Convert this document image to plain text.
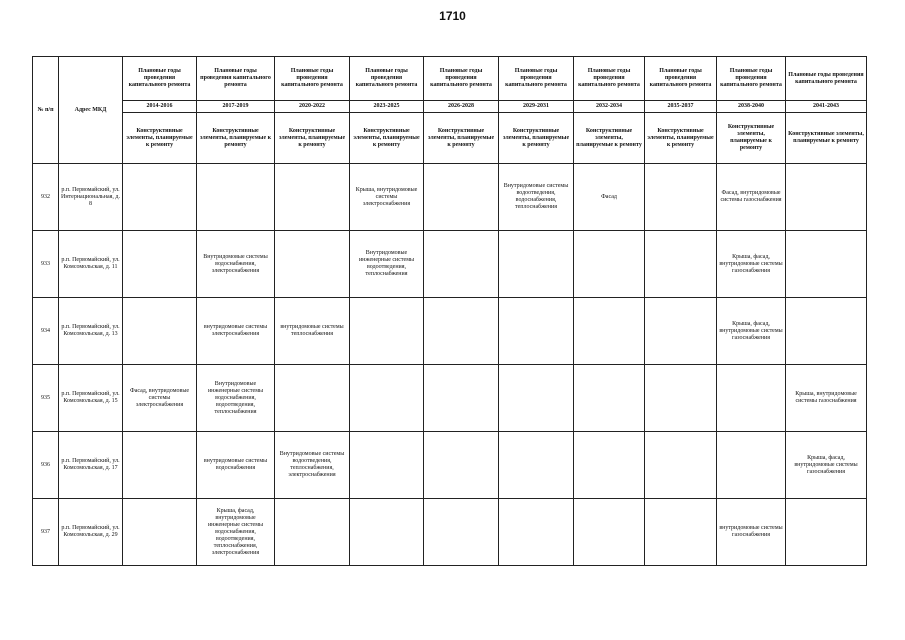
1710
№ п/п	Адрес МКД	Плановые годы проведения капитального ремонта	Плановые годы проведения капитального ремонта	Плановые годы проведения капитального ремонта	Плановые годы проведения капитального ремонта	Плановые годы проведения капитального ремонта	Плановые годы проведения капитального ремонта	Плановые годы проведения капитального ремонта	Плановые годы проведения капитального ремонта	Плановые годы проведения капитального ремонта	Плановые годы проведения капитального ремонта
		2014-2016	2017-2019	2020-2022	2023-2025	2026-2028	2029-2031	2032-2034	2035-2037	2038-2040	2041-2043
		Конструктивные элементы, планируемые к ремонту	Конструктивные элементы, планируемые к ремонту	Конструктивные элементы, планируемые к ремонту	Конструктивные элементы, планируемые к ремонту	Конструктивные элементы, планируемые к ремонту	Конструктивные элементы, планируемые к ремонту	Конструктивные элементы, планируемые к ремонту	Конструктивные элементы, планируемые к ремонту	Конструктивные элементы, планируемые к ремонту	Конструктивные элементы, планируемые к ремонту
932	р.п. Первомайский, ул. Интернациональная, д. 8				Крыша, внутридомовые системы электроснабжения		Внутридомовые системы водоотведения, водоснабжения, теплоснабжения	Фасад		Фасад, внутридомовые системы газоснабжения	
933	р.п. Первомайский, ул. Комсомольская, д. 11		Внутридомовые системы водоснабжения, электроснабжения		Внутридомовые инженерные системы водоотведения, теплоснабжения					Крыша, фасад, внутридомовые системы газоснабжения	
934	р.п. Первомайский, ул. Комсомольская, д. 13		внутридомовые системы электроснабжения	внутридомовые системы теплоснабжения						Крыша, фасад, внутридомовые системы газоснабжения	
935	р.п. Первомайский, ул. Комсомольская, д. 15	Фасад, внутридомовые системы электроснабжения	Внутридомовые инженерные системы водоснабжения, водоотведения, теплоснабжения								Крыша, внутридомовые системы газоснабжения
936	р.п. Первомайский, ул. Комсомольская, д. 17		внутридомовые системы водоснабжения	Внутридомовые системы водоотведения, теплоснабжения, электроснабжения							Крыша, фасад, внутридомовые системы газоснабжения
937	р.п. Первомайский, ул. Комсомольская, д. 29		Крыша, фасад, внутридомовые инженерные системы водоснабжения, водоотведения, теплоснабжения, электроснабжения							внутридомовые системы газоснабжения	
